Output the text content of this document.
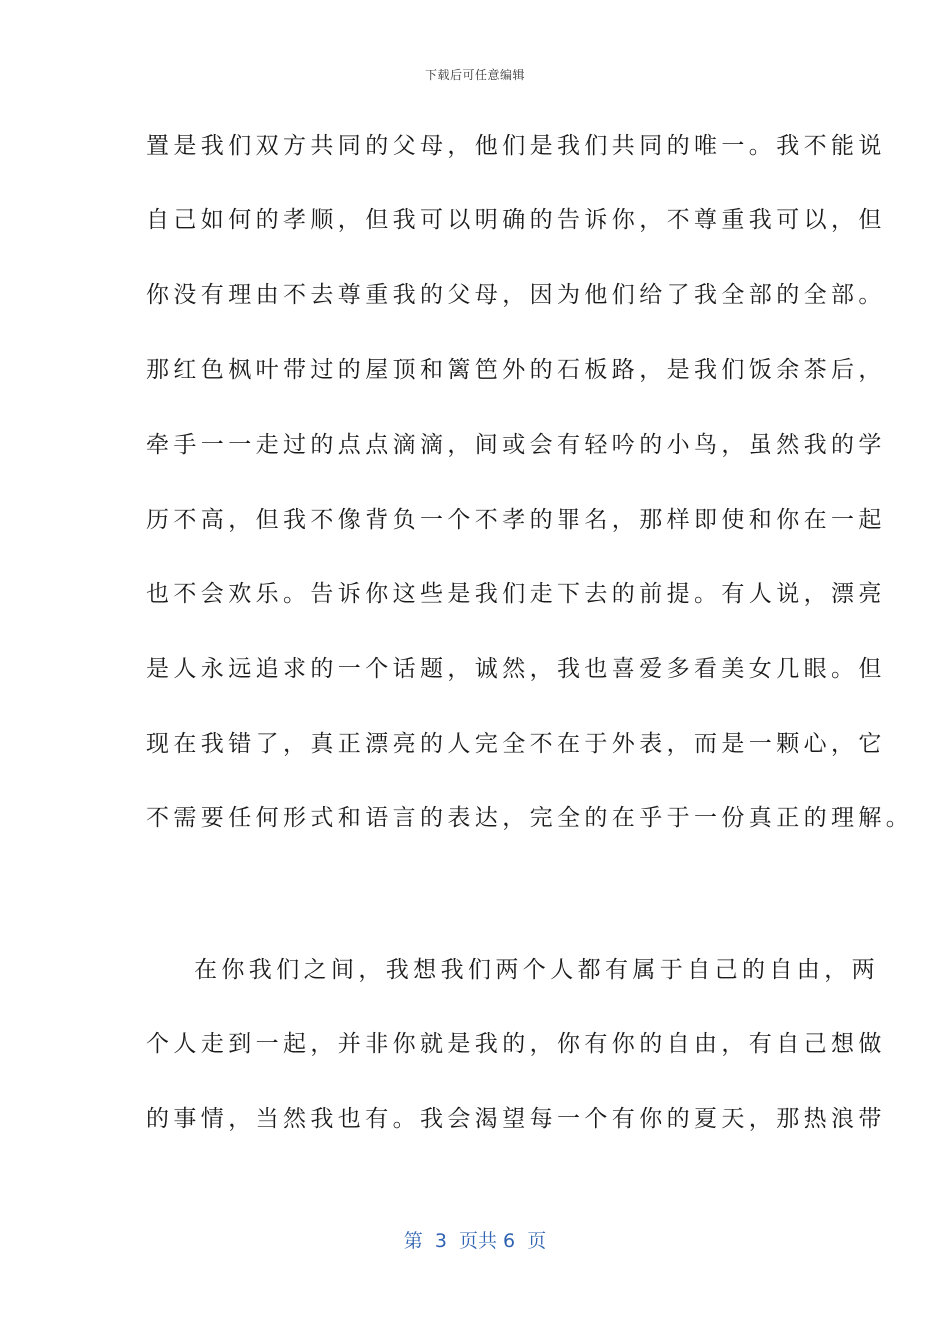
下载后可任意编辑
置是我们双方共同的父母，他们是我们共同的唯一。我不能说
自己如何的孝顺，但我可以明确的告诉你，不尊重我可以，但
你没有理由不去尊重我的父母，因为他们给了我全部的全部。
那红色枫叶带过的屋顶和篱笆外的石板路，是我们饭余茶后，
牵手一一走过的点点滴滴，间或会有轻吟的小鸟，虽然我的学
历不高，但我不像背负一个不孝的罪名，那样即使和你在一起
也不会欢乐。告诉你这些是我们走下去的前提。有人说，漂亮
是人永远追求的一个话题，诚然，我也喜爱多看美女几眼。但
现在我错了，真正漂亮的人完全不在于外表，而是一颗心，它
不需要任何形式和语言的表达，完全的在乎于一份真正的理解。
在你我们之间，我想我们两个人都有属于自己的自由，两
个人走到一起，并非你就是我的，你有你的自由，有自己想做
的事情，当然我也有。我会渴望每一个有你的夏天，那热浪带
第  3  页共 6  页
